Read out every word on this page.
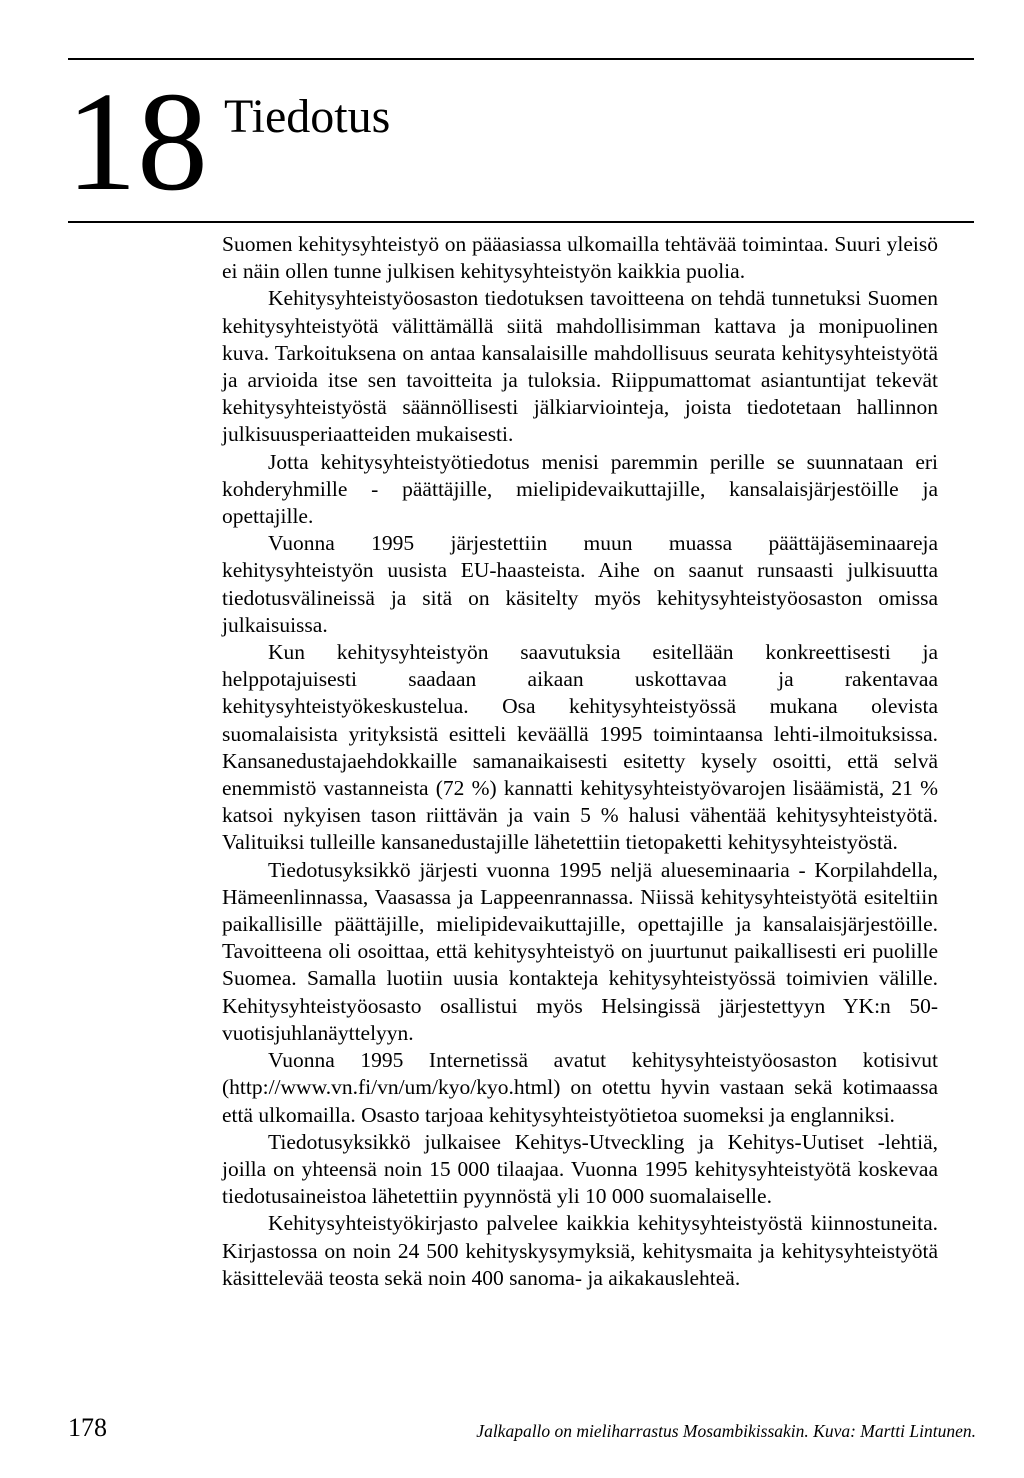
18 Tiedotus

Suomen kehitysyhteistyö on pääasiassa ulkomailla tehtävää toimintaa. Suuri yleisö ei näin ollen tunne julkisen kehitysyhteistyön kaikkia puolia.

Kehitysyhteistyöosaston tiedotuksen tavoitteena on tehdä tunnetuksi Suomen kehitysyhteistyötä välittämällä siitä mahdollisimman kattava ja monipuolinen kuva. Tarkoituksena on antaa kansalaisille mahdollisuus seurata kehitysyhteistyötä ja arvioida itse sen tavoitteita ja tuloksia. Riippumattomat asiantuntijat tekevät kehitysyhteistyöstä säännöllisesti jälkiarviointeja, joista tiedotetaan hallinnon julkisuusperiaatteiden mukaisesti.

Jotta kehitysyhteistyötiedotus menisi paremmin perille se suunnataan eri kohderyhmille - päättäjille, mielipidevaikuttajille, kansalaisjärjestöille ja opettajille.

Vuonna 1995 järjestettiin muun muassa päättäjäseminaareja kehitysyhteistyön uusista EU-haasteista. Aihe on saanut runsaasti julkisuutta tiedotusvälineissä ja sitä on käsitelty myös kehitysyhteistyöosaston omissa julkaisuissa.

Kun kehitysyhteistyön saavutuksia esitellään konkreettisesti ja helppotajuisesti saadaan aikaan uskottavaa ja rakentavaa kehitysyhteistyökeskustelua. Osa kehitysyhteistyössä mukana olevista suomalaisista yrityksistä esitteli keväällä 1995 toimintaansa lehti-ilmoituksissa. Kansanedustajaehdokkaille samanaikaisesti esitetty kysely osoitti, että selvä enemmistö vastanneista (72 %) kannatti kehitysyhteistyövarojen lisäämistä, 21 % katsoi nykyisen tason riittävän ja vain 5 % halusi vähentää kehitysyhteistyötä. Valituiksi tulleille kansanedustajille lähetettiin tietopaketti kehitysyhteistyöstä.

Tiedotusyksikkö järjesti vuonna 1995 neljä alueseminaaria - Korpilahdella, Hämeenlinnassa, Vaasassa ja Lappeenrannassa. Niissä kehitysyhteistyötä esiteltiin paikallisille päättäjille, mielipidevaikuttajille, opettajille ja kansalaisjärjestöille. Tavoitteena oli osoittaa, että kehitysyhteistyö on juurtunut paikallisesti eri puolille Suomea. Samalla luotiin uusia kontakteja kehitysyhteistyössä toimivien välille. Kehitysyhteistyöosasto osallistui myös Helsingissä järjestettyyn YK:n 50-vuotisjuhlanäyttelyyn.

Vuonna 1995 Internetissä avatut kehitysyhteistyöosaston kotisivut (http://www.vn.fi/vn/um/kyo/kyo.html) on otettu hyvin vastaan sekä kotimaassa että ulkomailla. Osasto tarjoaa kehitysyhteistyötietoa suomeksi ja englanniksi.

Tiedotusyksikkö julkaisee Kehitys-Utveckling ja Kehitys-Uutiset -lehtiä, joilla on yhteensä noin 15 000 tilaajaa. Vuonna 1995 kehitysyhteistyötä koskevaa tiedotusaineistoa lähetettiin pyynnöstä yli 10 000 suomalaiselle.

Kehitysyhteistyökirjasto palvelee kaikkia kehitysyhteistyöstä kiinnostuneita. Kirjastossa on noin 24 500 kehityskysymyksiä, kehitysmaita ja kehitysyhteistyötä käsittelevää teosta sekä noin 400 sanoma- ja aikakauslehteä.

178	Jalkapallo on mieliharrastus Mosambikissakin. Kuva: Martti Lintunen.
